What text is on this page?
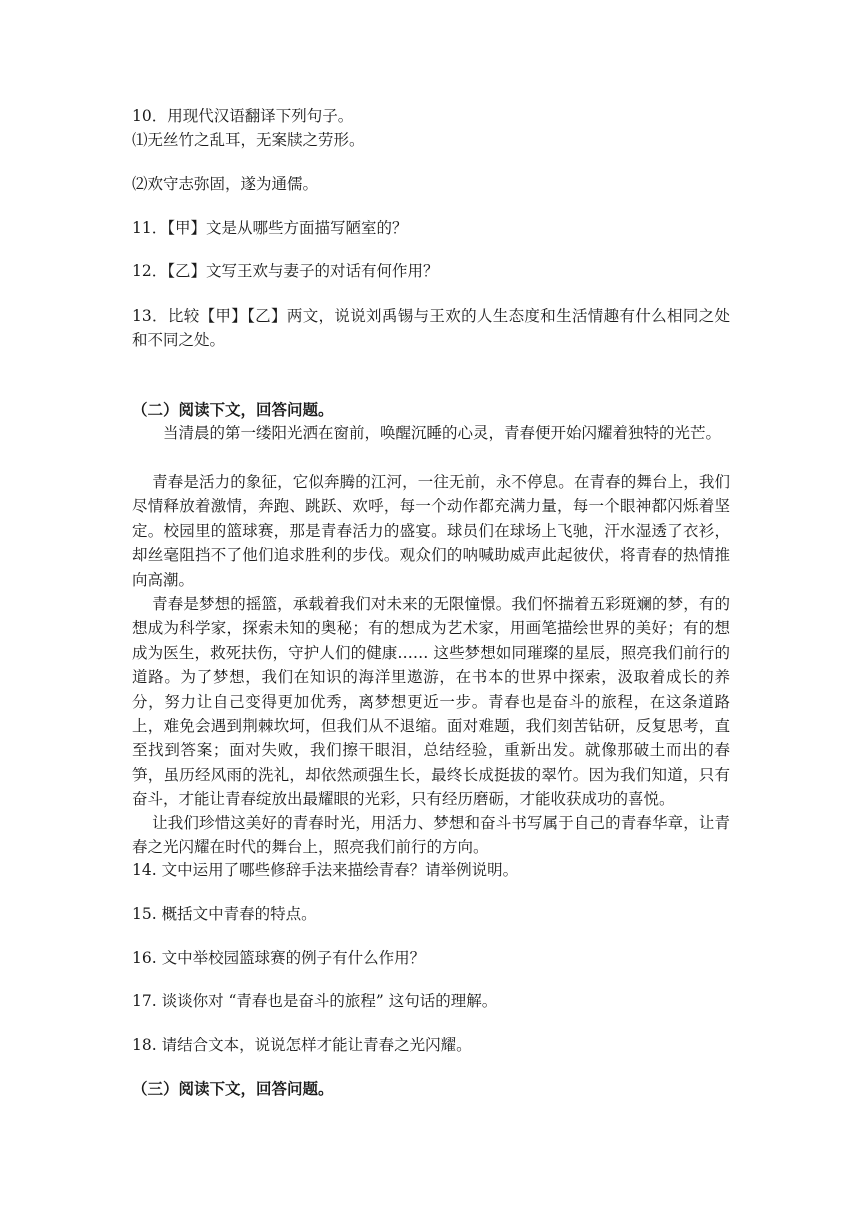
10．用现代汉语翻译下列句子。
⑴无丝竹之乱耳，无案牍之劳形。
⑵欢守志弥固，遂为通儒。
11．【甲】文是从哪些方面描写陋室的？
12．【乙】文写王欢与妻子的对话有何作用？
13．比较【甲】【乙】两文，说说刘禹锡与王欢的人生态度和生活情趣有什么相同之处和不同之处。
（二）阅读下文，回答问题。
当清晨的第一缕阳光洒在窗前，唤醒沉睡的心灵，青春便开始闪耀着独特的光芒。
青春是活力的象征，它似奔腾的江河，一往无前，永不停息。在青春的舞台上，我们尽情释放着激情，奔跑、跳跃、欢呼，每一个动作都充满力量，每一个眼神都闪烁着坚定。校园里的篮球赛，那是青春活力的盛宴。球员们在球场上飞驰，汗水湿透了衣衫，却丝毫阻挡不了他们追求胜利的步伐。观众们的呐喊助威声此起彼伏，将青春的热情推向高潮。
青春是梦想的摇篮，承载着我们对未来的无限憧憬。我们怀揣着五彩斑斓的梦，有的想成为科学家，探索未知的奥秘；有的想成为艺术家，用画笔描绘世界的美好；有的想成为医生，救死扶伤，守护人们的健康…… 这些梦想如同璀璨的星辰，照亮我们前行的道路。为了梦想，我们在知识的海洋里遨游，在书本的世界中探索，汲取着成长的养分，努力让自己变得更加优秀，离梦想更近一步。青春也是奋斗的旅程，在这条道路上，难免会遇到荆棘坎坷，但我们从不退缩。面对难题，我们刻苦钻研，反复思考，直至找到答案；面对失败，我们擦干眼泪，总结经验，重新出发。就像那破土而出的春笋，虽历经风雨的洗礼，却依然顽强生长，最终长成挺拔的翠竹。因为我们知道，只有奋斗，才能让青春绽放出最耀眼的光彩，只有经历磨砺，才能收获成功的喜悦。
让我们珍惜这美好的青春时光，用活力、梦想和奋斗书写属于自己的青春华章，让青春之光闪耀在时代的舞台上，照亮我们前行的方向。
14. 文中运用了哪些修辞手法来描绘青春？请举例说明。
15. 概括文中青春的特点。
16. 文中举校园篮球赛的例子有什么作用？
17. 谈谈你对 “青春也是奋斗的旅程” 这句话的理解。
18. 请结合文本，说说怎样才能让青春之光闪耀。
（三）阅读下文，回答问题。
